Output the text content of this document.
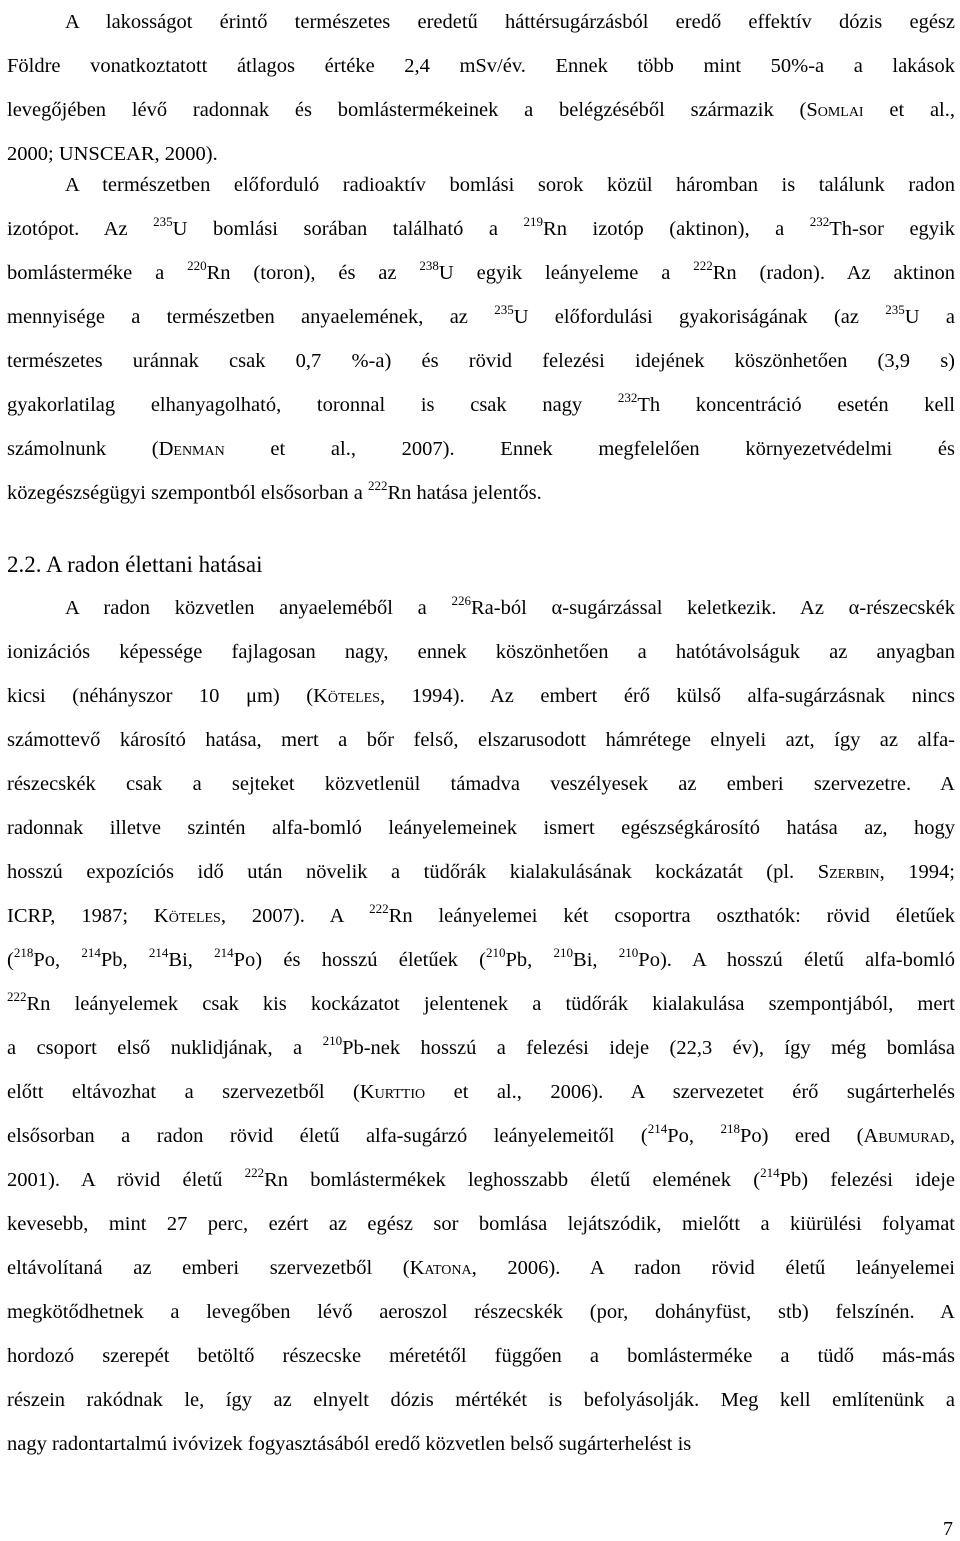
A lakosságot érintő természetes eredetű háttérsugárzásból eredő effektív dózis egész
Földre vonatkoztatott átlagos értéke 2,4 mSv/év. Ennek több mint 50%-a a lakások
levegőjében lévő radonnak és bomlástermékeinek a belégzéséből származik (Somlai et al.,
2000; UNSCEAR, 2000).
A természetben előforduló radioaktív bomlási sorok közül háromban is találunk radon
izotópot. Az $^{235}$U bomlási sorában található a $^{219}$Rn izotóp (aktinon), a $^{232}$Th-sor egyik
bomlásterméke a $^{220}$Rn (toron), és az $^{238}$U egyik leányeleme a $^{222}$Rn (radon). Az aktinon
mennyisége a természetben anyaelemének, az $^{235}$U előfordulási gyakoriságának (az $^{235}$U a
természetes uránnak csak 0,7 %-a) és rövid felezési idejének köszönhetően (3,9 s)
gyakorlatilag elhanyagolható, toronnal is csak nagy $^{232}$Th koncentráció esetén kell
számolnunk (Denman et al., 2007). Ennek megfelelően környezetvédelmi és
közegészségügyi szempontból elsősorban a $^{222}$Rn hatása jelentős.
2.2. A radon élettani hatásai
A radon közvetlen anyaeleméből a $^{226}$Ra-ból α-sugárzással keletkezik. Az α-részecskék
ionizációs képessége fajlagosan nagy, ennek köszönhetően a hatótávolságuk az anyagban
kicsi (néhányszor 10 μm) (Köteles, 1994). Az embert érő külső alfa-sugárzásnak nincs
számottevő károsító hatása, mert a bőr felső, elszarusodott hámrétege elnyeli azt, így az alfa-
részecskék csak a sejteket közvetlenül támadva veszélyesek az emberi szervezetre. A
radonnak illetve szintén alfa-bomló leányelemeinek ismert egészségkárosító hatása az, hogy
hosszú expozíciós idő után növelik a tüdőrák kialakulásának kockázatát (pl. Szerbin, 1994;
ICRP, 1987; Köteles, 2007). A $^{222}$Rn leányelemei két csoportra oszthatók: rövid életűek
($^{218}$Po, $^{214}$Pb, $^{214}$Bi, $^{214}$Po) és hosszú életűek ($^{210}$Pb, $^{210}$Bi, $^{210}$Po). A hosszú életű alfa-bomló
$^{222}$Rn leányelemek csak kis kockázatot jelentenek a tüdőrák kialakulása szempontjából, mert
a csoport első nuklidjának, a $^{210}$Pb-nek hosszú a felezési ideje (22,3 év), így még bomlása
előtt eltávozhat a szervezetből (Kurttio et al., 2006). A szervezetet érő sugárterhelés
elsősorban a radon rövid életű alfa-sugárzó leányelemeitől ($^{214}$Po, $^{218}$Po) ered (Abumurad,
2001). A rövid életű $^{222}$Rn bomlástermékek leghosszabb életű elemének ($^{214}$Pb) felezési ideje
kevesebb, mint 27 perc, ezért az egész sor bomlása lejátszódik, mielőtt a kiürülési folyamat
eltávolítaná az emberi szervezetből (Katona, 2006). A radon rövid életű leányelemei
megkötődhetnek a levegőben lévő aeroszol részecskék (por, dohányfüst, stb) felszínén. A
hordozó szerepét betöltő részecske méretétől függően a bomlásterméke a tüdő más-más
részein rakódnak le, így az elnyelt dózis mértékét is befolyásolják. Meg kell említenünk a
nagy radontartalmú ivóvizek fogyasztásából eredő közvetlen belső sugárterhelést is
7
